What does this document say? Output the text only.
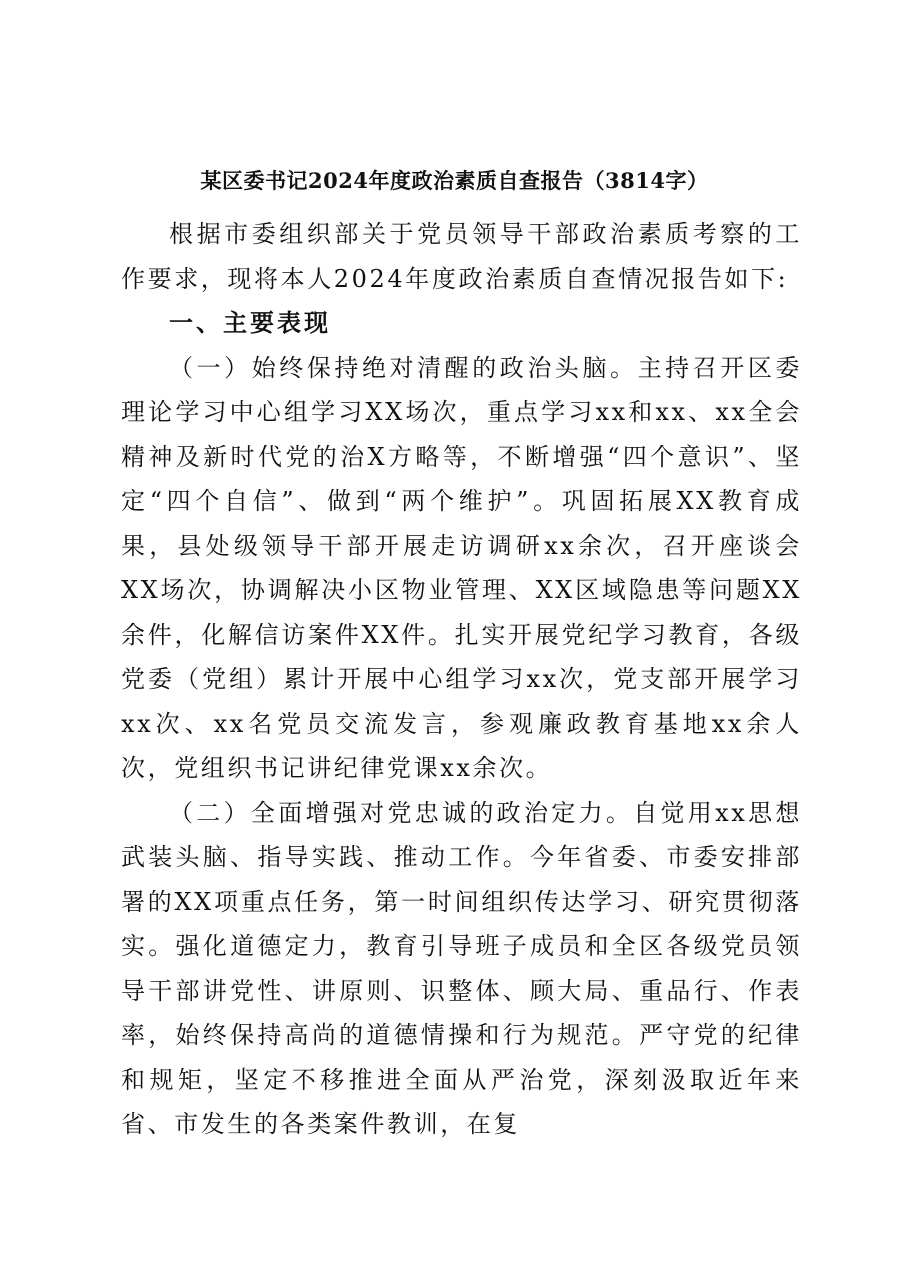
某区委书记2024年度政治素质自查报告（3814字）

根据市委组织部关于党员领导干部政治素质考察的工作要求，现将本人2024年度政治素质自查情况报告如下:

一、主要表现

（一）始终保持绝对清醒的政治头脑。主持召开区委理论学习中心组学习XX场次，重点学习xx和xx、xx全会精神及新时代党的治X方略等，不断增强“四个意识”、坚定“四个自信”、做到“两个维护”。巩固拓展XX教育成果，县处级领导干部开展走访调研xx余次，召开座谈会XX场次，协调解决小区物业管理、XX区域隐患等问题XX余件，化解信访案件XX件。扎实开展党纪学习教育，各级党委（党组）累计开展中心组学习xx次，党支部开展学习xx次、xx名党员交流发言，参观廉政教育基地xx余人次，党组织书记讲纪律党课xx余次。

（二）全面增强对党忠诚的政治定力。自觉用xx思想武装头脑、指导实践、推动工作。今年省委、市委安排部署的XX项重点任务，第一时间组织传达学习、研究贯彻落实。强化道德定力，教育引导班子成员和全区各级党员领导干部讲党性、讲原则、识整体、顾大局、重品行、作表率，始终保持高尚的道德情操和行为规范。严守党的纪律和规矩，坚定不移推进全面从严治党，深刻汲取近年来省、市发生的各类案件教训，在复
